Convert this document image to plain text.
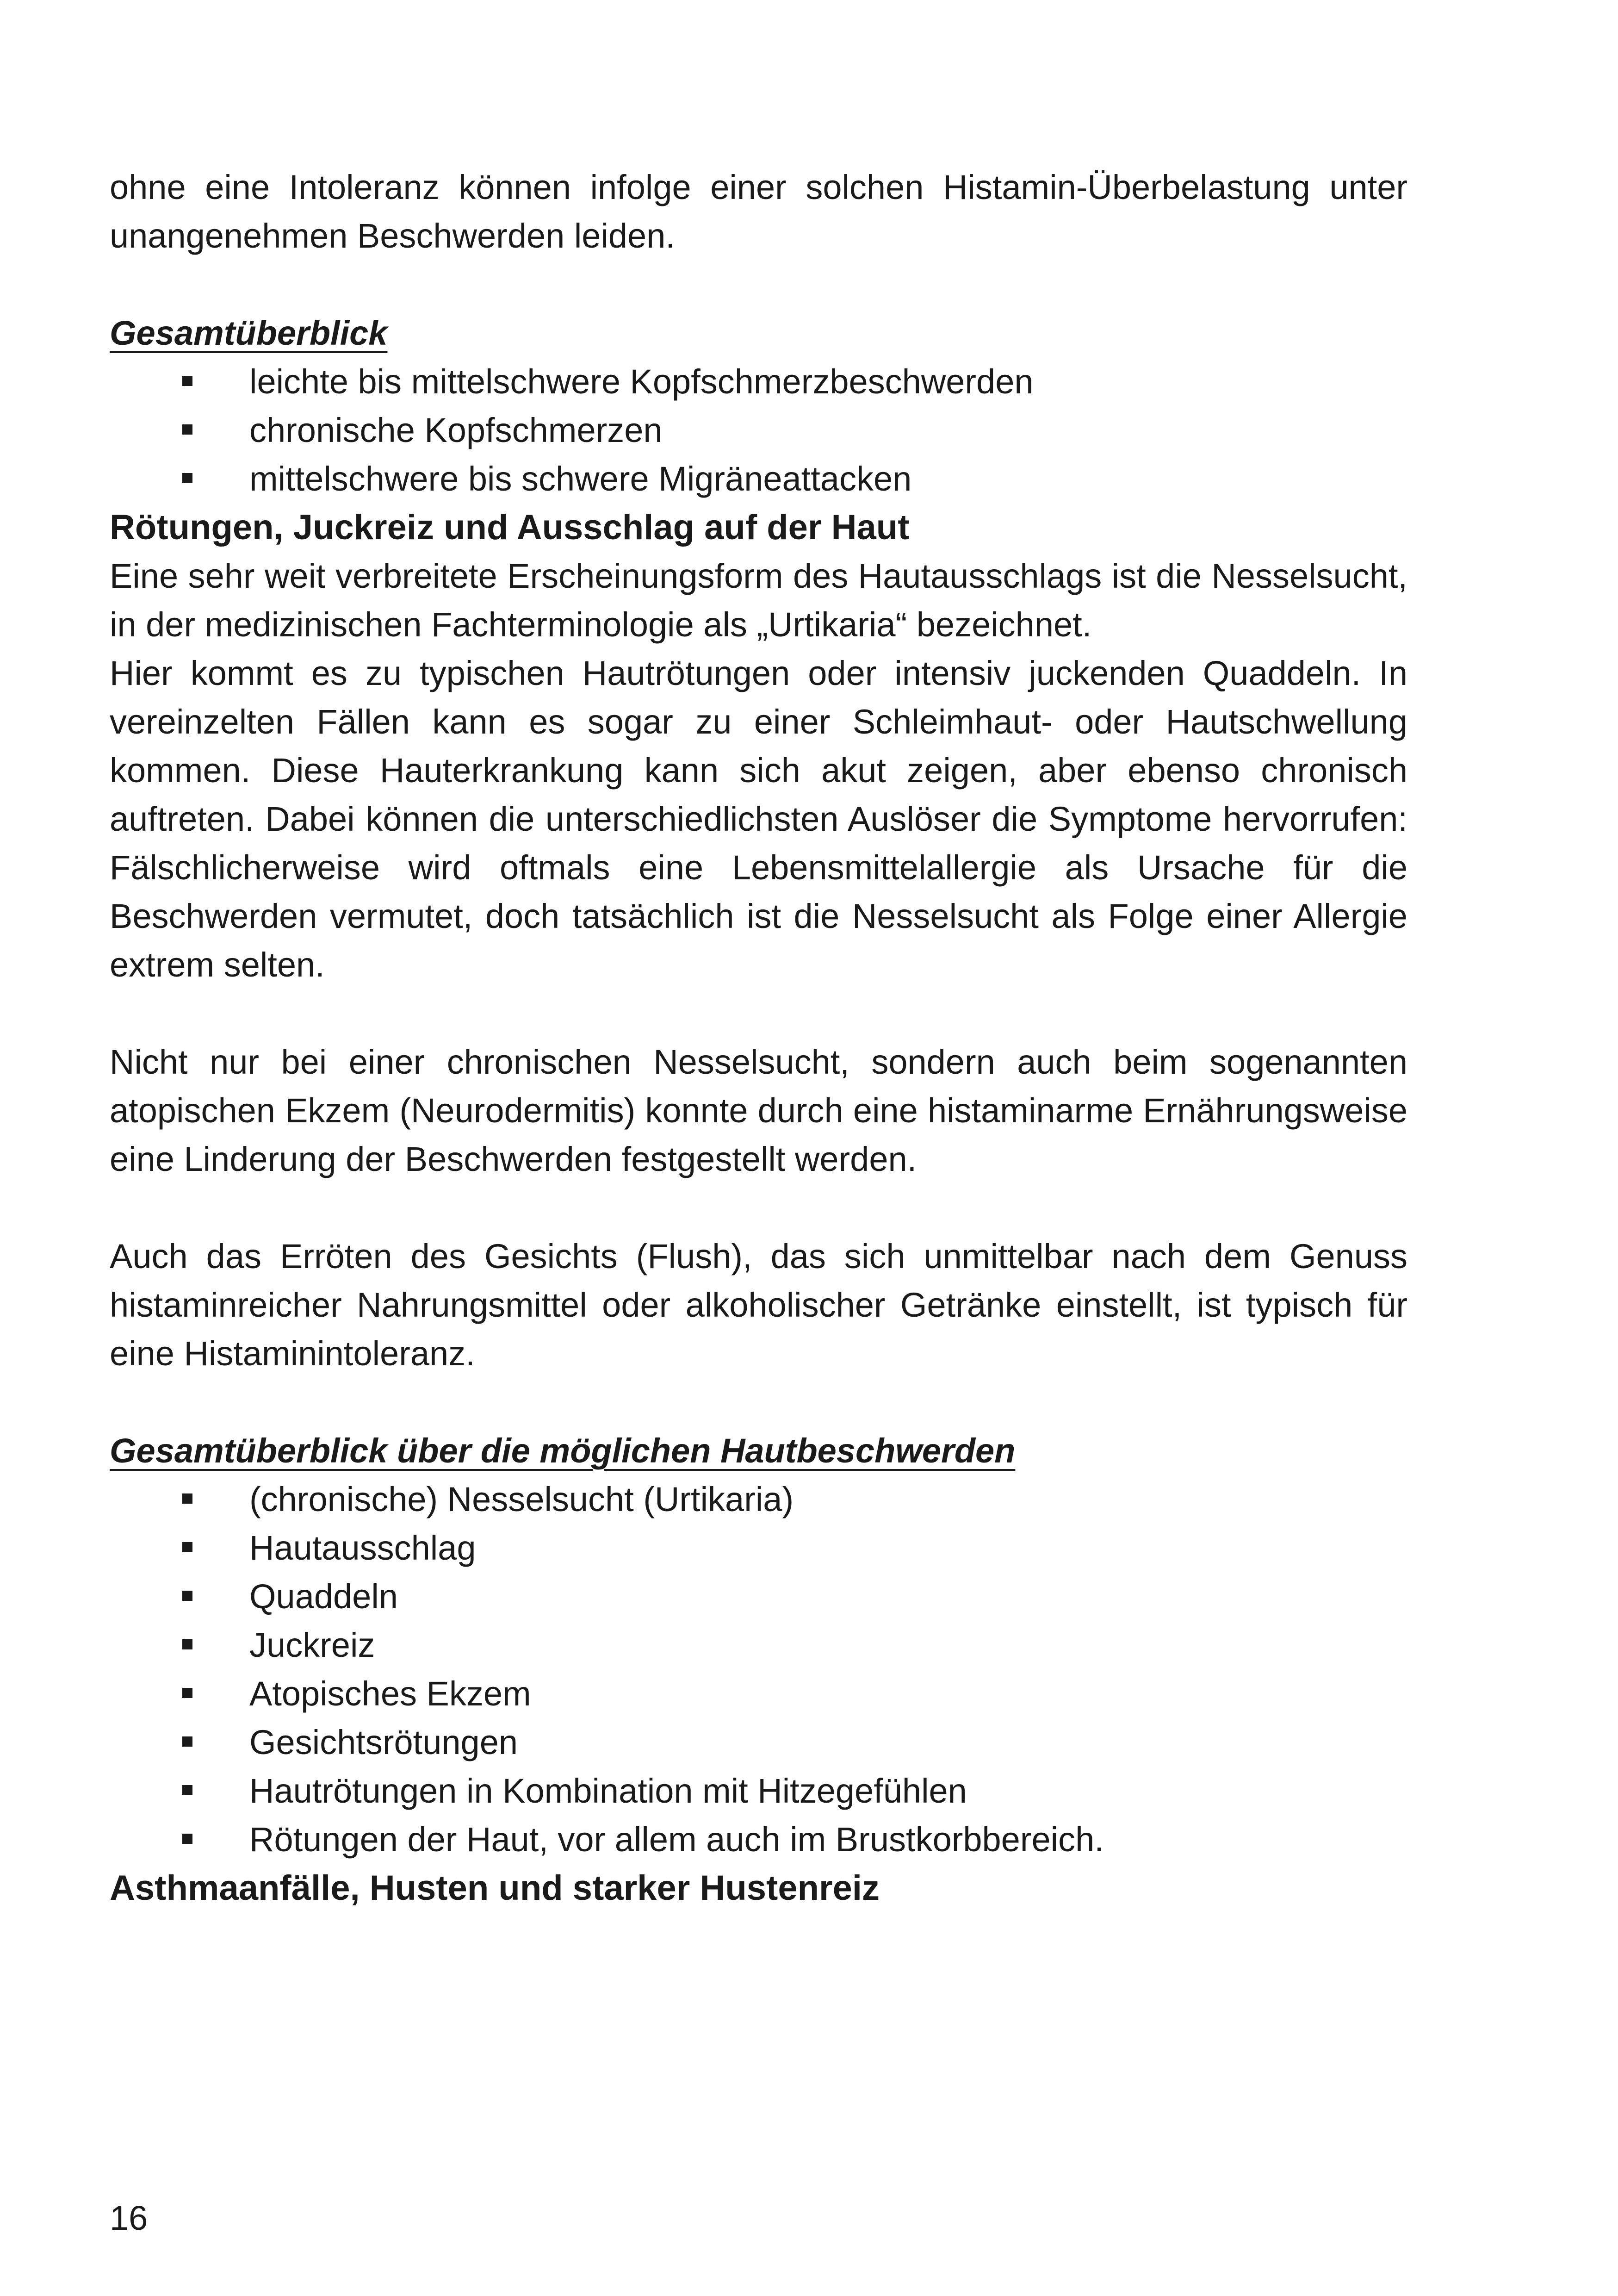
ohne eine Intoleranz können infolge einer solchen Histamin-Überbelastung unter unangenehmen Beschwerden leiden.

Gesamtüberblick

leichte bis mittelschwere Kopfschmerzbeschwerden
chronische Kopfschmerzen
mittelschwere bis schwere Migräneattacken

Rötungen, Juckreiz und Ausschlag auf der Haut

Eine sehr weit verbreitete Erscheinungsform des Hautausschlags ist die Nesselsucht, in der medizinischen Fachterminologie als „Urtikaria“ bezeichnet.

Hier kommt es zu typischen Hautrötungen oder intensiv juckenden Quaddeln. In vereinzelten Fällen kann es sogar zu einer Schleimhaut- oder Hautschwellung kommen. Diese Hauterkrankung kann sich akut zeigen, aber ebenso chronisch auftreten. Dabei können die unterschiedlichsten Auslöser die Symptome hervorrufen: Fälschlicherweise wird oftmals eine Lebensmittelallergie als Ursache für die Beschwerden vermutet, doch tatsächlich ist die Nesselsucht als Folge einer Allergie extrem selten.

Nicht nur bei einer chronischen Nesselsucht, sondern auch beim sogenannten atopischen Ekzem (Neurodermitis) konnte durch eine histaminarme Ernährungsweise eine Linderung der Beschwerden festgestellt werden.

Auch das Erröten des Gesichts (Flush), das sich unmittelbar nach dem Genuss histaminreicher Nahrungsmittel oder alkoholischer Getränke einstellt, ist typisch für eine Histaminintoleranz.

Gesamtüberblick über die möglichen Hautbeschwerden

(chronische) Nesselsucht (Urtikaria)
Hautausschlag
Quaddeln
Juckreiz
Atopisches Ekzem
Gesichtsrötungen
Hautrötungen in Kombination mit Hitzegefühlen
Rötungen der Haut, vor allem auch im Brustkorbbereich.

Asthmaanfälle, Husten und starker Hustenreiz

16
